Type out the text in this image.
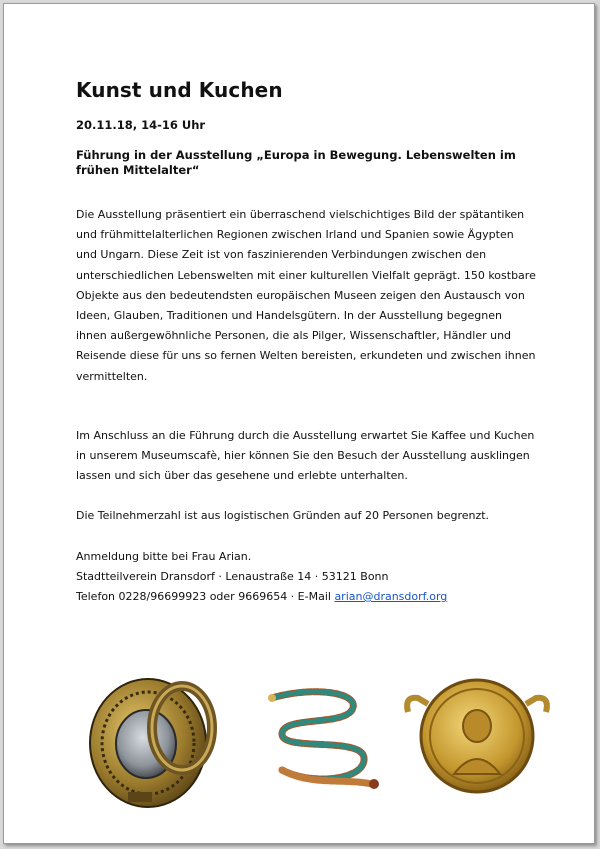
Kunst und Kuchen
20.11.18, 14-16 Uhr
Führung in der Ausstellung „Europa in Bewegung. Lebenswelten im frühen Mittelalter“

Die Ausstellung präsentiert ein überraschend vielschichtiges Bild der spätantiken und frühmittelalterlichen Regionen zwischen Irland und Spanien sowie Ägypten und Ungarn. Diese Zeit ist von faszinierenden Verbindungen zwischen den unterschiedlichen Lebenswelten mit einer kulturellen Vielfalt geprägt. 150 kostbare Objekte aus den bedeutendsten europäischen Museen zeigen den Austausch von Ideen, Glauben, Traditionen und Handelsgütern. In der Ausstellung begegnen ihnen außergewöhnliche Personen, die als Pilger, Wissenschaftler, Händler und Reisende diese für uns so fernen Welten bereisten, erkundeten und zwischen ihnen vermittelten.

Im Anschluss an die Führung durch die Ausstellung erwartet Sie Kaffee und Kuchen in unserem Museumscafè, hier können Sie den Besuch der Ausstellung ausklingen lassen und sich über das gesehene und erlebte unterhalten.

Die Teilnehmerzahl ist aus logistischen Gründen auf 20 Personen begrenzt.

Anmeldung bitte bei Frau Arian.
Stadtteilverein Dransdorf · Lenaustraße 14 · 53121 Bonn
Telefon 0228/96699923 oder 9669654 · E-Mail arian@dransdorf.org
